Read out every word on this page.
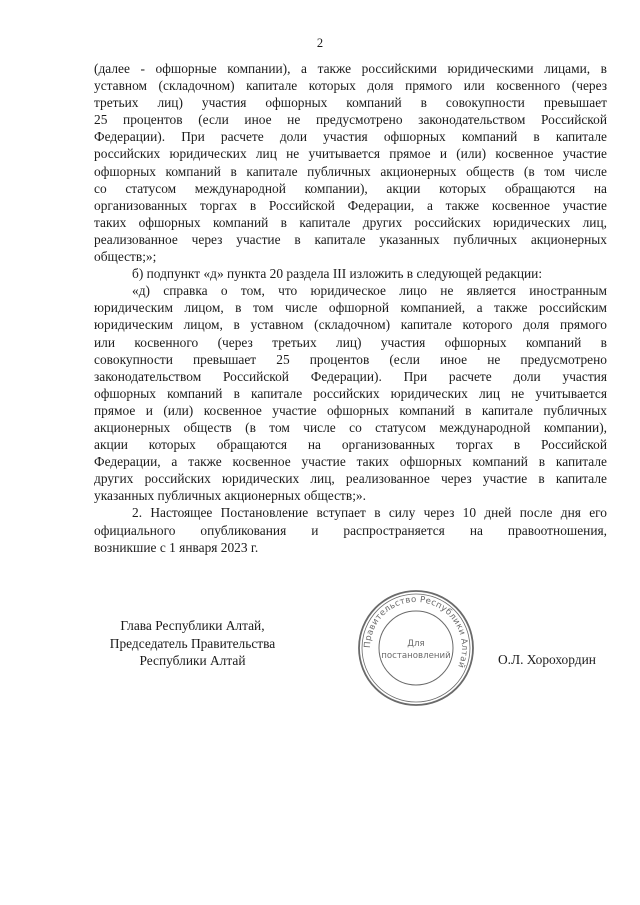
2
(далее - офшорные компании), а также российскими юридическими лицами, в
уставном (складочном) капитале которых доля прямого или косвенного (через
третьих лиц) участия офшорных компаний в совокупности превышает
25 процентов (если иное не предусмотрено законодательством Российской
Федерации). При расчете доли участия офшорных компаний в капитале
российских юридических лиц не учитывается прямое и (или) косвенное участие
офшорных компаний в капитале публичных акционерных обществ (в том числе
со статусом международной компании), акции которых обращаются на
организованных торгах в Российской Федерации, а также косвенное участие
таких офшорных компаний в капитале других российских юридических лиц,
реализованное через участие в капитале указанных публичных акционерных
обществ;»;
б) подпункт «д» пункта 20 раздела III изложить в следующей редакции:
«д) справка о том, что юридическое лицо не является иностранным
юридическим лицом, в том числе офшорной компанией, а также российским
юридическим лицом, в уставном (складочном) капитале которого доля прямого
или косвенного (через третьих лиц) участия офшорных компаний в
совокупности превышает 25 процентов (если иное не предусмотрено
законодательством Российской Федерации). При расчете доли участия
офшорных компаний в капитале российских юридических лиц не учитывается
прямое и (или) косвенное участие офшорных компаний в капитале публичных
акционерных обществ (в том числе со статусом международной компании),
акции которых обращаются на организованных торгах в Российской
Федерации, а также косвенное участие таких офшорных компаний в капитале
других российских юридических лиц, реализованное через участие в капитале
указанных публичных акционерных обществ;».
2. Настоящее Постановление вступает в силу через 10 дней после дня его
официального опубликования и распространяется на правоотношения,
возникшие с 1 января 2023 г.
Глава Республики Алтай,
Председатель Правительства
Республики Алтай
Правительство Республики Алтай
Для
постановлений	О.Л. Хорохордин
